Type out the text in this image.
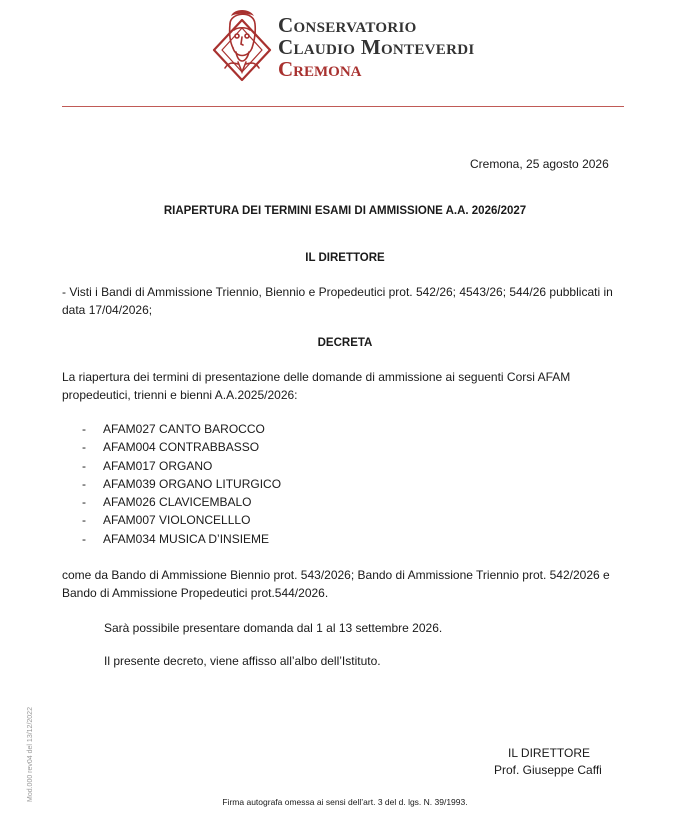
Conservatorio
Claudio Monteverdi
Cremona
Cremona, 25 agosto 2026
RIAPERTURA DEI TERMINI ESAMI DI AMMISSIONE A.A. 2026/2027
IL DIRETTORE
- Visti i Bandi di Ammissione Triennio, Biennio e Propedeutici prot. 542/26; 4543/26; 544/26 pubblicati in data 17/04/2026;
DECRETA
La riapertura dei termini di presentazione delle domande di ammissione ai seguenti Corsi AFAM propedeutici, trienni e bienni A.A.2025/2026:
- AFAM027 CANTO BAROCCO
- AFAM004 CONTRABBASSO
- AFAM017 ORGANO
- AFAM039 ORGANO LITURGICO
- AFAM026 CLAVICEMBALO
- AFAM007 VIOLONCELLLO
- AFAM034 MUSICA D’INSIEME
come da Bando di Ammissione Biennio prot. 543/2026; Bando di Ammissione Triennio prot. 542/2026 e Bando di Ammissione Propedeutici prot.544/2026.
Sarà possibile presentare domanda dal 1 al 13 settembre 2026.
Il presente decreto, viene affisso all’albo dell’Istituto.
IL DIRETTORE
Prof. Giuseppe Caffi
Firma autografa omessa ai sensi dell’art. 3 del d. lgs. N. 39/1993.
Mod.000 rev04 del 13/12/2022
